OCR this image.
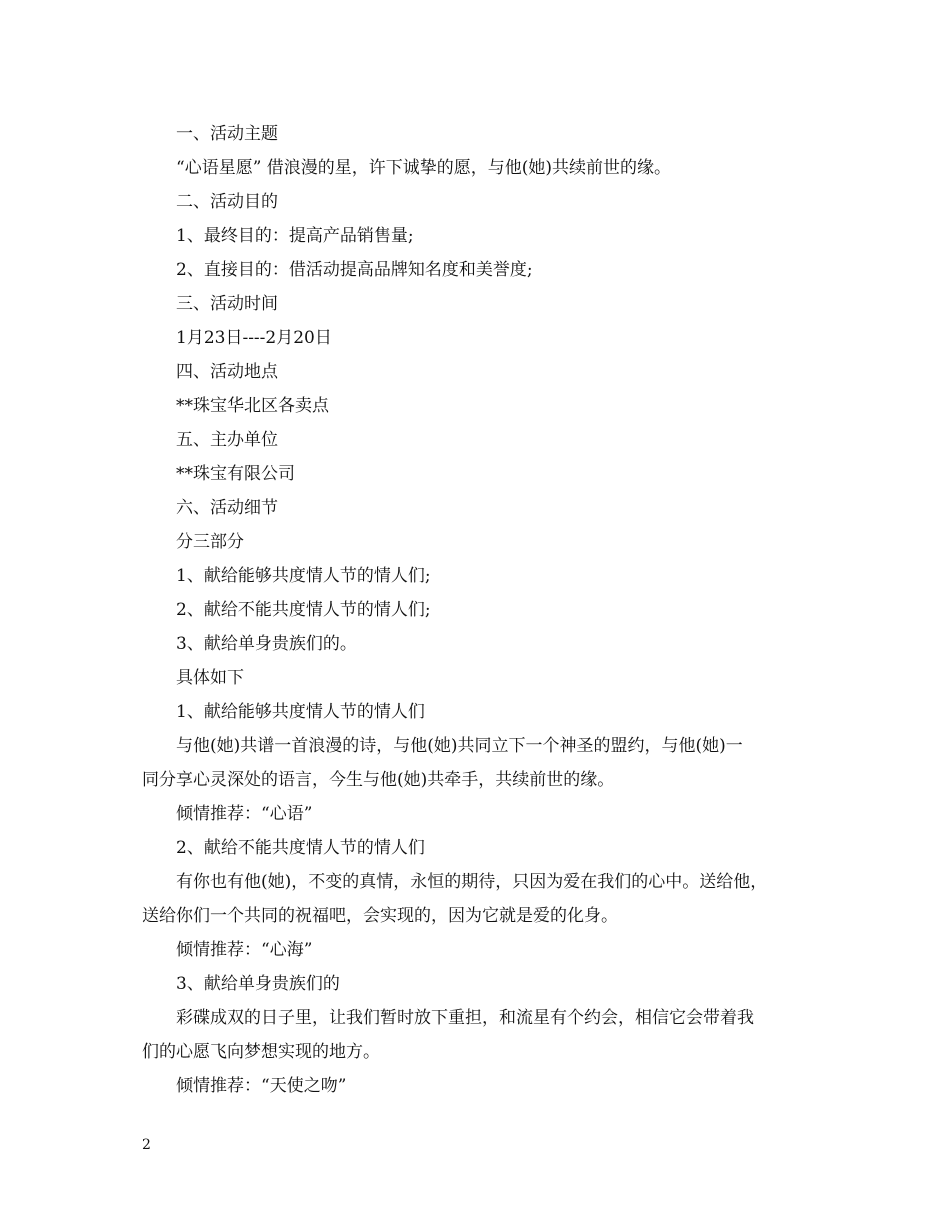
一、活动主题
“心语星愿” 借浪漫的星，许下诚挚的愿，与他(她)共续前世的缘。
二、活动目的
1、最终目的：提高产品销售量;
2、直接目的：借活动提高品牌知名度和美誉度;
三、活动时间
1月23日----2月20日
四、活动地点
**珠宝华北区各卖点
五、主办单位
**珠宝有限公司
六、活动细节
分三部分
1、献给能够共度情人节的情人们;
2、献给不能共度情人节的情人们;
3、献给单身贵族们的。
具体如下
1、献给能够共度情人节的情人们

与他(她)共谱一首浪漫的诗，与他(她)共同立下一个神圣的盟约，与他(她)一
同分享心灵深处的语言，今生与他(她)共牵手，共续前世的缘。

倾情推荐：“心语”
2、献给不能共度情人节的情人们

有你也有他(她)，不变的真情，永恒的期待，只因为爱在我们的心中。送给他，
送给你们一个共同的祝福吧，会实现的，因为它就是爱的化身。

倾情推荐：“心海”
3、献给单身贵族们的

彩碟成双的日子里，让我们暂时放下重担，和流星有个约会，相信它会带着我
们的心愿飞向梦想实现的地方。

倾情推荐：“天使之吻”
2
